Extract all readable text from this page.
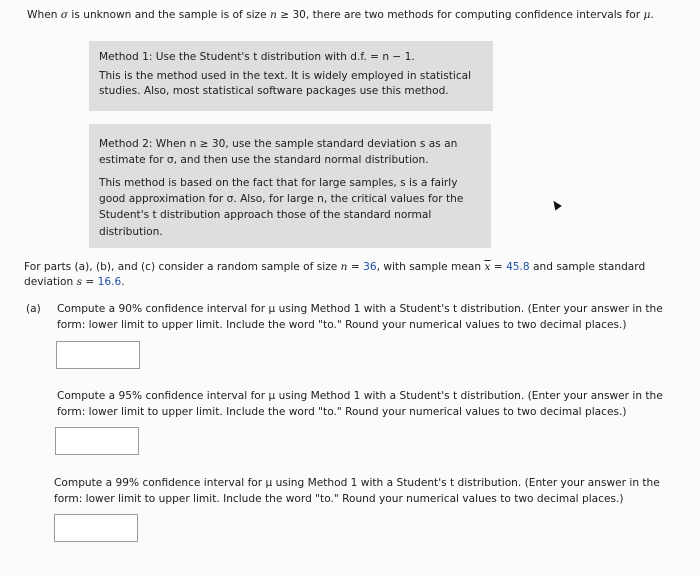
When σ is unknown and the sample is of size n ≥ 30, there are two methods for computing confidence intervals for μ.

Method 1: Use the Student's t distribution with d.f. = n − 1.

This is the method used in the text. It is widely employed in statistical

studies. Also, most statistical software packages use this method.

Method 2: When n ≥ 30, use the sample standard deviation s as an

estimate for σ, and then use the standard normal distribution.

This method is based on the fact that for large samples, s is a fairly

good approximation for σ. Also, for large n, the critical values for the

Student's t distribution approach those of the standard normal

distribution.

For parts (a), (b), and (c) consider a random sample of size n = 36, with sample mean $\overline{x} = 45.8$ and sample standard
deviation s = 16.6.
(a) Compute a 90% confidence interval for μ using Method 1 with a Student's t distribution. (Enter your answer in the
form: lower limit to upper limit. Include the word "to." Round your numerical values to two decimal places.)
Compute a 95% confidence interval for μ using Method 1 with a Student's t distribution. (Enter your answer in the
form: lower limit to upper limit. Include the word "to." Round your numerical values to two decimal places.)
Compute a 99% confidence interval for μ using Method 1 with a Student's t distribution. (Enter your answer in the
form: lower limit to upper limit. Include the word "to." Round your numerical values to two decimal places.)
